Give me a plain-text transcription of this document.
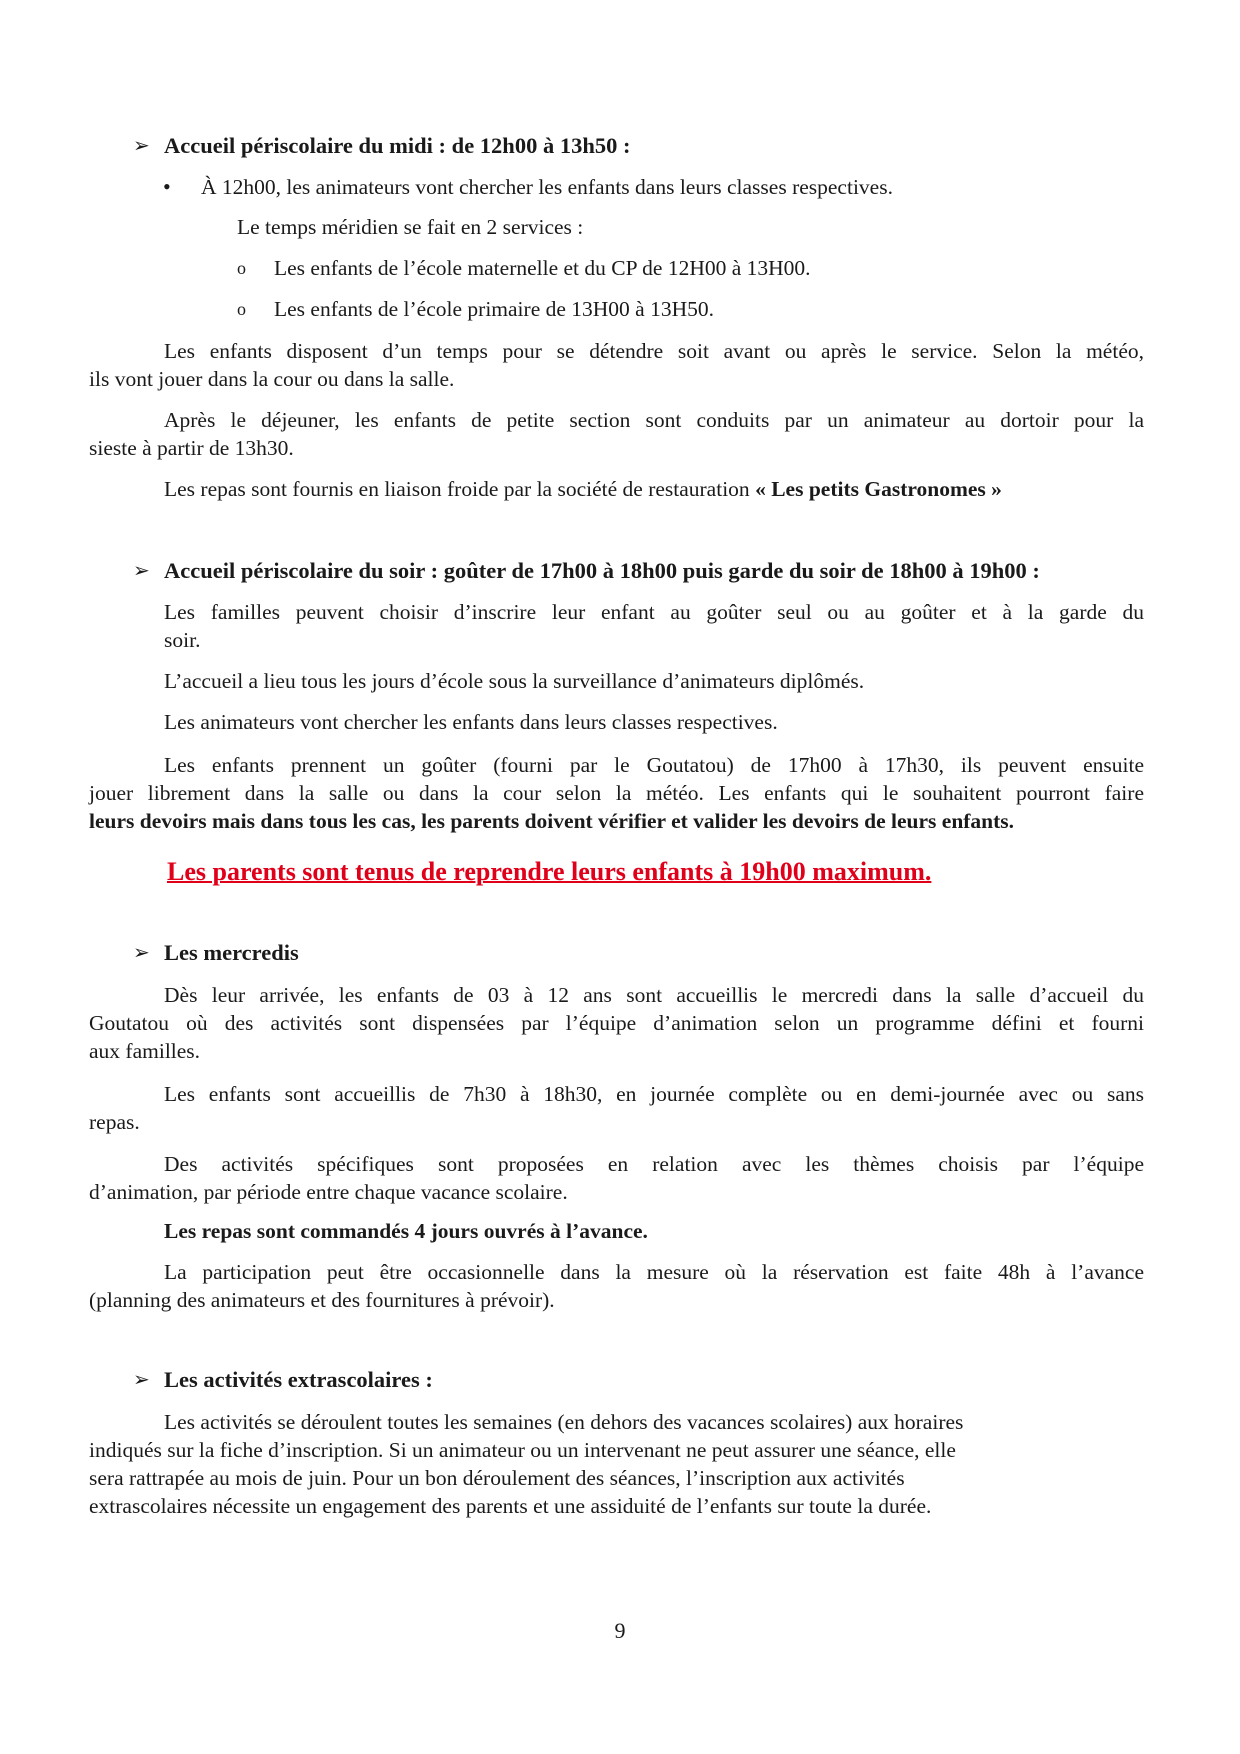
➢ Accueil périscolaire du midi : de 12h00 à 13h50 :
• À 12h00, les animateurs vont chercher les enfants dans leurs classes respectives.
Le temps méridien se fait en 2 services :
o Les enfants de l’école maternelle et du CP de 12H00 à 13H00.
o Les enfants de l’école primaire de 13H00 à 13H50.
Les enfants disposent d’un temps pour se détendre soit avant ou après le service. Selon la météo,
ils vont jouer dans la cour ou dans la salle.
Après le déjeuner, les enfants de petite section sont conduits par un animateur au dortoir pour la
sieste à partir de 13h30.
Les repas sont fournis en liaison froide par la société de restauration « Les petits Gastronomes »
➢ Accueil périscolaire du soir : goûter de 17h00 à 18h00 puis garde du soir de 18h00 à 19h00 :
Les familles peuvent choisir d’inscrire leur enfant au goûter seul ou au goûter et à la garde du
soir.
L’accueil a lieu tous les jours d’école sous la surveillance d’animateurs diplômés.
Les animateurs vont chercher les enfants dans leurs classes respectives.
Les enfants prennent un goûter (fourni par le Goutatou) de 17h00 à 17h30, ils peuvent ensuite
jouer librement dans la salle ou dans la cour selon la météo. Les enfants qui le souhaitent pourront faire
leurs devoirs mais dans tous les cas, les parents doivent vérifier et valider les devoirs de leurs enfants.
Les parents sont tenus de reprendre leurs enfants à 19h00 maximum.
➢ Les mercredis
Dès leur arrivée, les enfants de 03 à 12 ans sont accueillis le mercredi dans la salle d’accueil du
Goutatou où des activités sont dispensées par l’équipe d’animation selon un programme défini et fourni
aux familles.
Les enfants sont accueillis de 7h30 à 18h30, en journée complète ou en demi-journée avec ou sans
repas.
Des activités spécifiques sont proposées en relation avec les thèmes choisis par l’équipe
d’animation, par période entre chaque vacance scolaire.
Les repas sont commandés 4 jours ouvrés à l’avance.
La participation peut être occasionnelle dans la mesure où la réservation est faite 48h à l’avance
(planning des animateurs et des fournitures à prévoir).
➢ Les activités extrascolaires :
Les activités se déroulent toutes les semaines (en dehors des vacances scolaires) aux horaires
indiqués sur la fiche d’inscription. Si un animateur ou un intervenant ne peut assurer une séance, elle
sera rattrapée au mois de juin. Pour un bon déroulement des séances, l’inscription aux activités
extrascolaires nécessite un engagement des parents et une assiduité de l’enfants sur toute la durée.
9
